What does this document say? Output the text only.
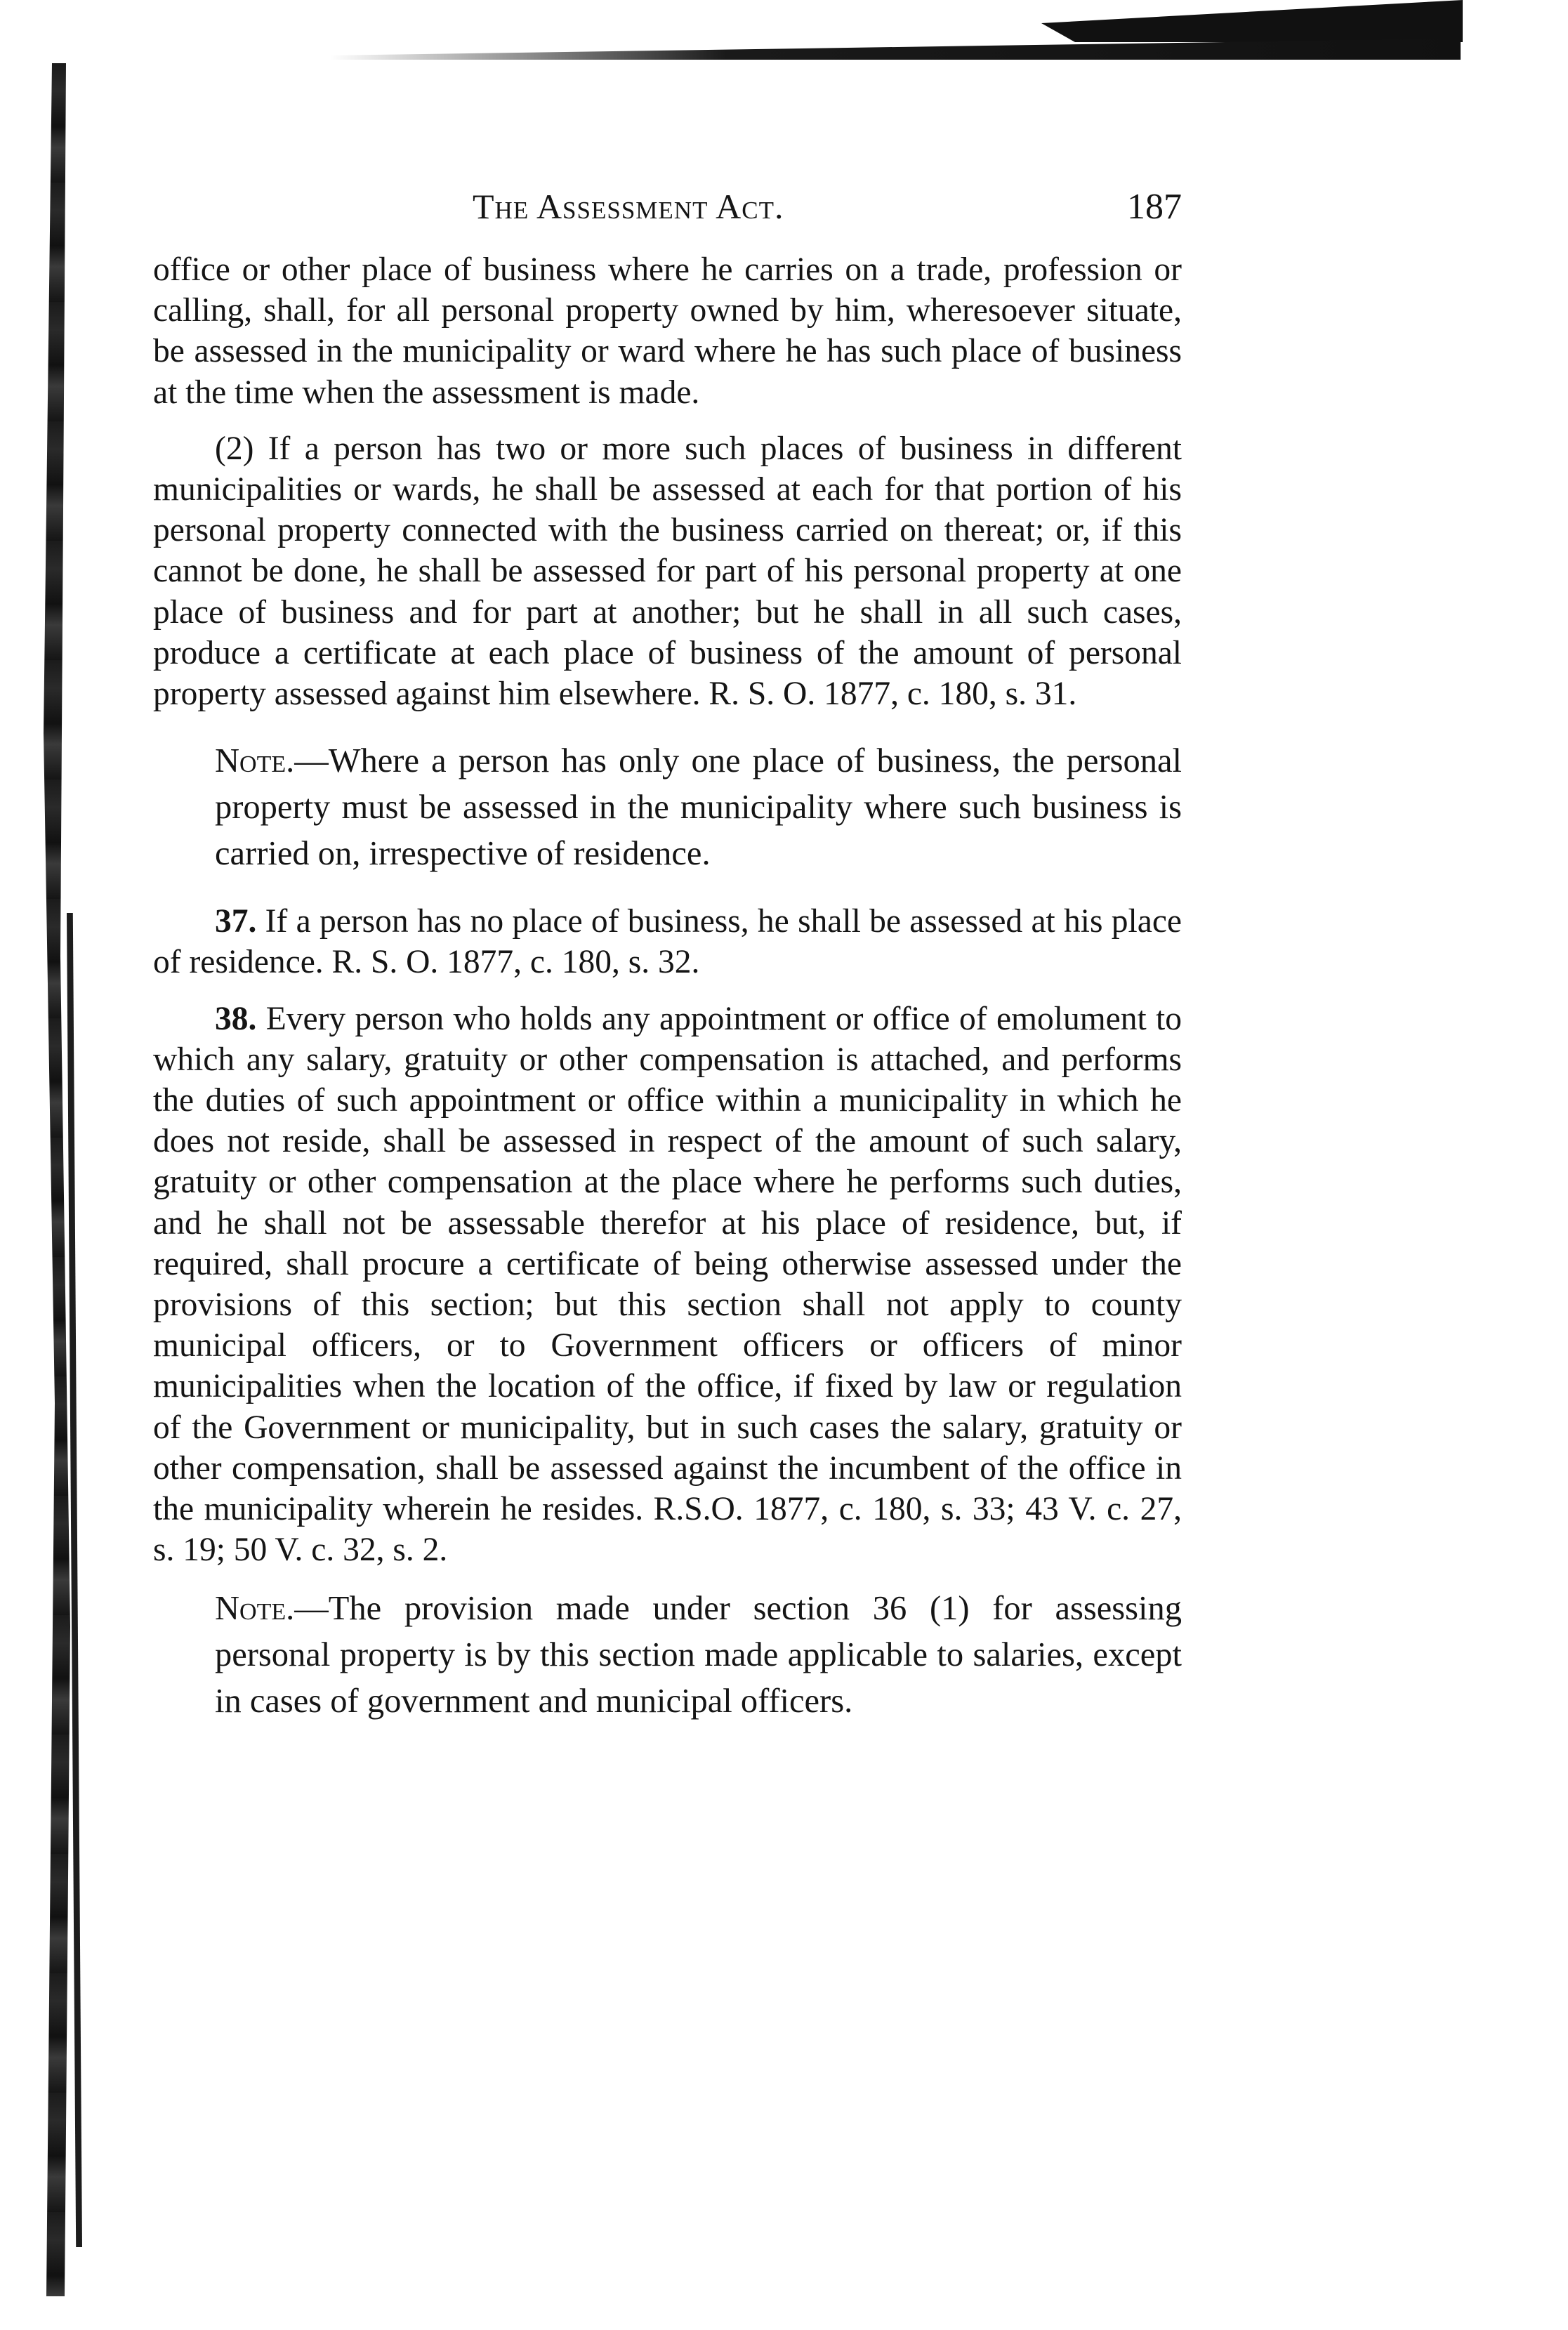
The Assessment Act.	187

office or other place of business where he carries on a trade, profession or calling, shall, for all personal property owned by him, wheresoever situate, be assessed in the municipality or ward where he has such place of business at the time when the assessment is made.

(2) If a person has two or more such places of business in different municipalities or wards, he shall be assessed at each for that portion of his personal property connected with the business carried on thereat; or, if this cannot be done, he shall be assessed for part of his personal property at one place of business and for part at another; but he shall in all such cases, produce a certificate at each place of business of the amount of personal property assessed against him elsewhere. R. S. O. 1877, c. 180, s. 31.

Note.—Where a person has only one place of business, the personal property must be assessed in the municipality where such business is carried on, irrespective of residence.

37. If a person has no place of business, he shall be assessed at his place of residence. R. S. O. 1877, c. 180, s. 32.

38. Every person who holds any appointment or office of emolument to which any salary, gratuity or other compensation is attached, and performs the duties of such appointment or office within a municipality in which he does not reside, shall be assessed in respect of the amount of such salary, gratuity or other compensation at the place where he performs such duties, and he shall not be assessable therefor at his place of residence, but, if required, shall procure a certificate of being otherwise assessed under the provisions of this section; but this section shall not apply to county municipal officers, or to Government officers or officers of minor municipalities when the location of the office, if fixed by law or regulation of the Government or municipality, but in such cases the salary, gratuity or other compensation, shall be assessed against the incumbent of the office in the municipality wherein he resides. R.S.O. 1877, c. 180, s. 33; 43 V. c. 27, s. 19; 50 V. c. 32, s. 2.

Note.—The provision made under section 36 (1) for assessing personal property is by this section made applicable to salaries, except in cases of government and municipal officers.
